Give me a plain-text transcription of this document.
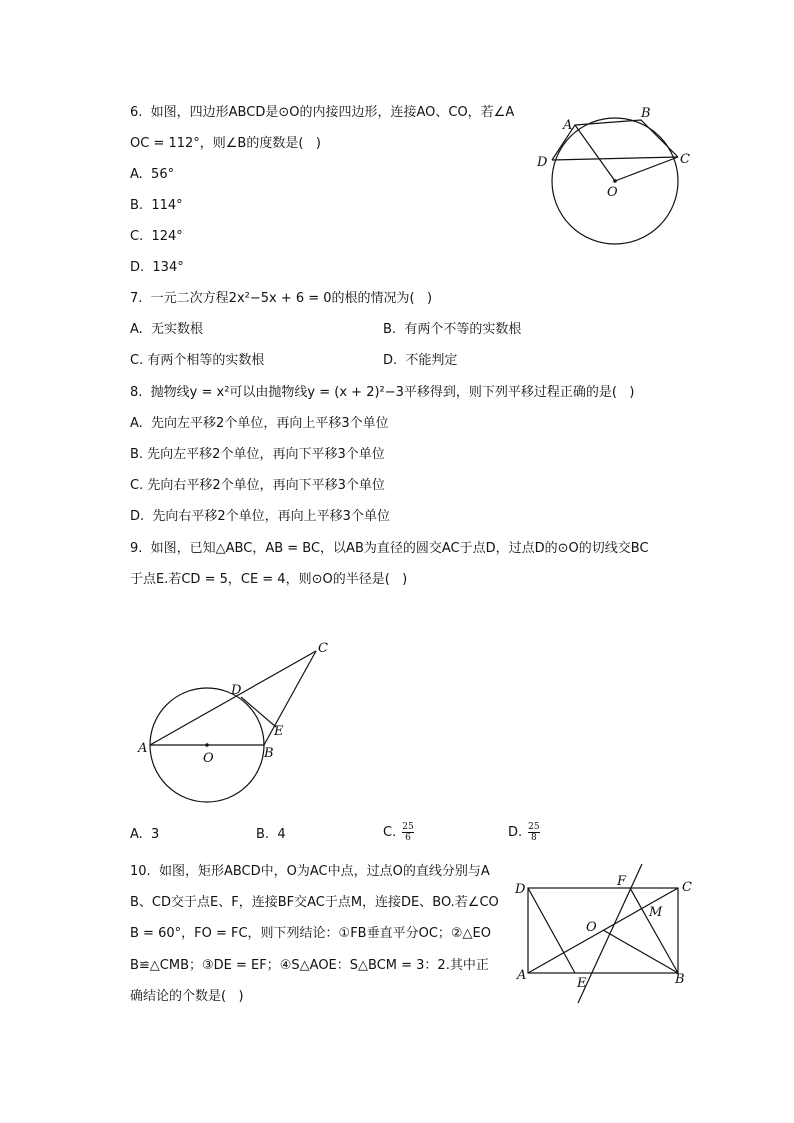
6.  如图，四边形ABCD是⊙O的内接四边形，连接AO、CO，若∠A
OC = 112°，则∠B的度数是(   )
A.  56°
B.  114°
C.  124°
D.  134°
A
B
C
D
O
7.  一元二次方程2x²−5x + 6 = 0的根的情况为(   )
A.  无实数根	B.  有两个不等的实数根
C. 有两个相等的实数根	D.  不能判定
8.  抛物线y = x²可以由抛物线y = (x + 2)²−3平移得到，则下列平移过程正确的是(   )
A.  先向左平移2个单位，再向上平移3个单位
B. 先向左平移2个单位，再向下平移3个单位
C. 先向右平移2个单位，再向下平移3个单位
D.  先向右平移2个单位，再向上平移3个单位
9.  如图，已知△ABC，AB = BC，以AB为直径的圆交AC于点D，过点D的⊙O的切线交BC
于点E.若CD = 5，CE = 4，则⊙O的半径是(   )
A	B
C
D
E
O
A.  3	B.  4	C. $\frac{25}{6}$	D. $\frac{25}{8}$
10.  如图，矩形ABCD中，O为AC中点，过点O的直线分别与A
B、CD交于点E、F，连接BF交AC于点M，连接DE、BO.若∠CO
B = 60°，FO = FC，则下列结论：①FB垂直平分OC；②△EO
B≌△CMB；③DE = EF；④S△AOE：S△BCM = 3：2.其中正
确结论的个数是(   )
D	C
A	B
F
E
O
M
